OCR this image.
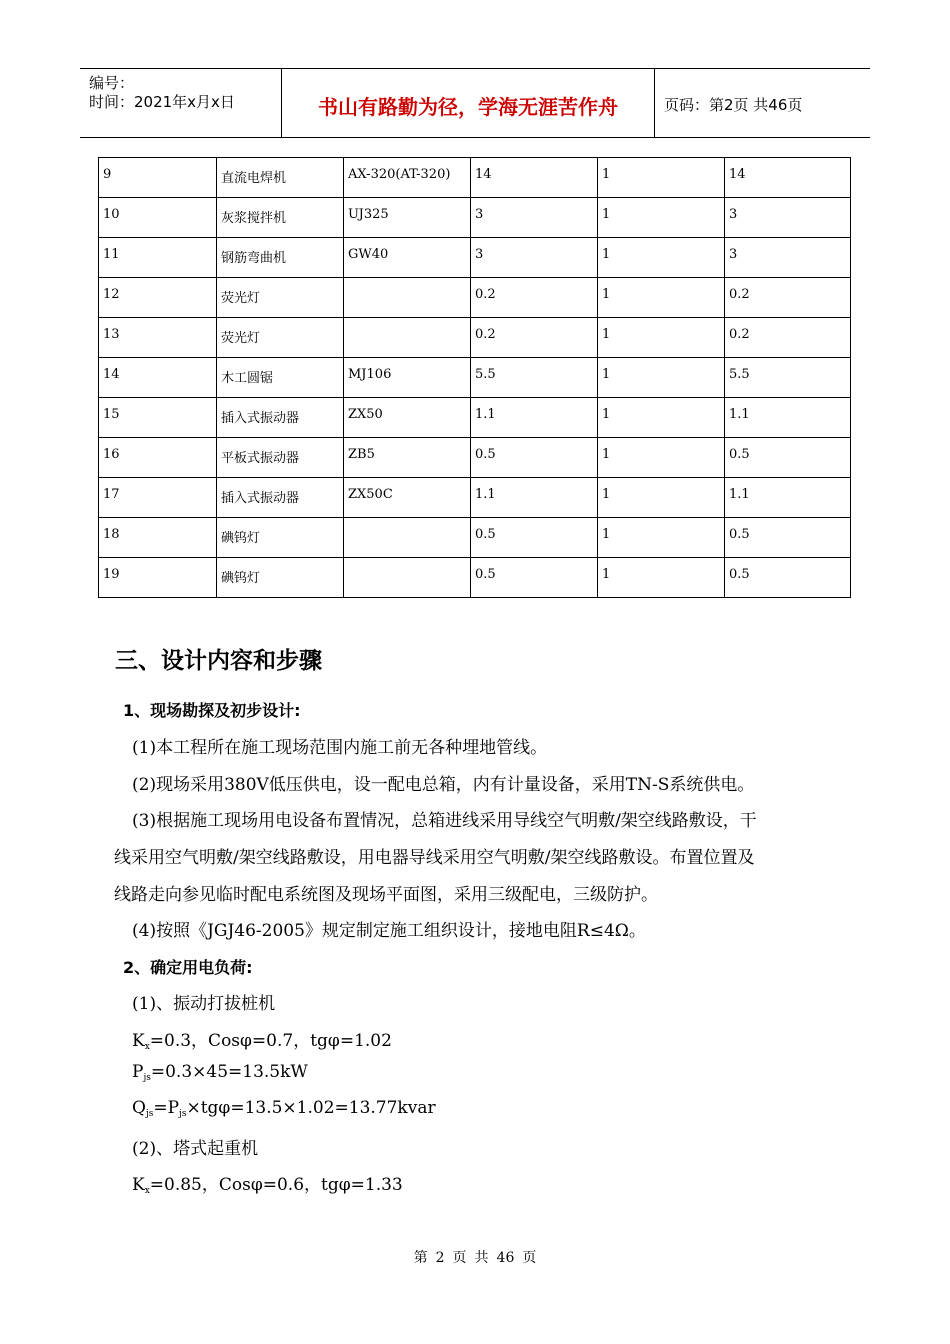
编号：
时间：2021年x月x日	书山有路勤为径，学海无涯苦作舟	页码：第2页 共46页
9	直流电焊机	AX-320(AT-320)	14	1	14
10	灰浆搅拌机	UJ325	3	1	3
11	钢筋弯曲机	GW40	3	1	3
12	荧光灯		0.2	1	0.2
13	荧光灯		0.2	1	0.2
14	木工圆锯	MJ106	5.5	1	5.5
15	插入式振动器	ZX50	1.1	1	1.1
16	平板式振动器	ZB5	0.5	1	0.5
17	插入式振动器	ZX50C	1.1	1	1.1
18	碘钨灯		0.5	1	0.5
19	碘钨灯		0.5	1	0.5
三、设计内容和步骤
1、现场勘探及初步设计:
(1)本工程所在施工现场范围内施工前无各种埋地管线。
(2)现场采用380V低压供电，设一配电总箱，内有计量设备，采用TN-S系统供电。
(3)根据施工现场用电设备布置情况，总箱进线采用导线空气明敷/架空线路敷设，干
线采用空气明敷/架空线路敷设，用电器导线采用空气明敷/架空线路敷设。布置位置及
线路走向参见临时配电系统图及现场平面图，采用三级配电，三级防护。
(4)按照《JGJ46-2005》规定制定施工组织设计，接地电阻R≤4Ω。
2、确定用电负荷:
(1)、振动打拔桩机
$K_x=0.3$，Cosφ=0.7，tgφ=1.02
$P_{js}=0.3\times 45=13.5kW$
$Q_{js}=P_{js}\times tg\varphi=13.5\times 1.02=13.77kvar$
(2)、塔式起重机
$K_x=0.85$，Cosφ=0.6，tgφ=1.33
第 2 页 共 46 页
